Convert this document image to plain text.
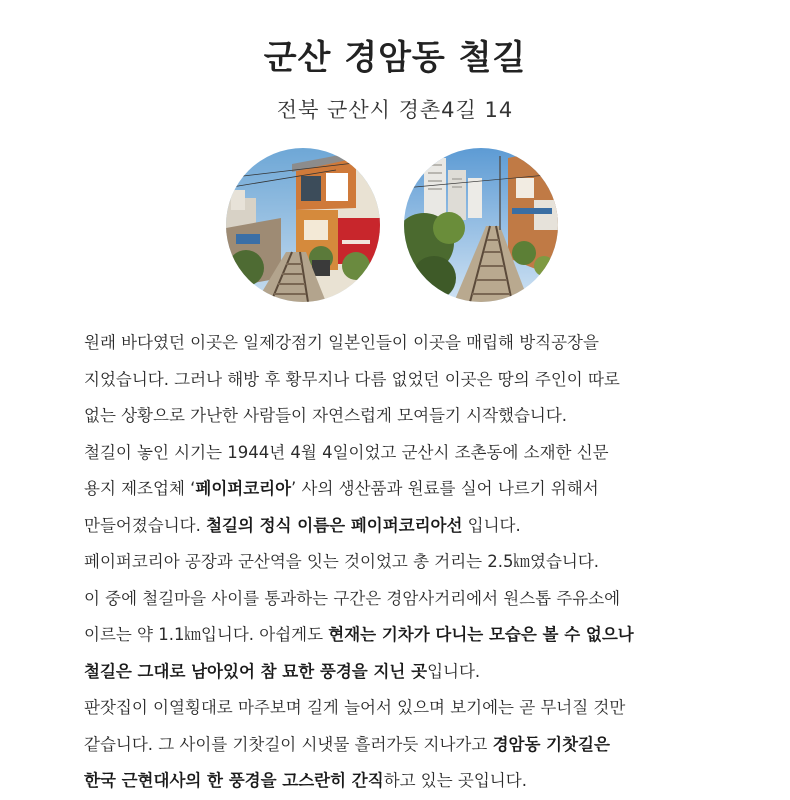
군산 경암동 철길
전북 군산시 경촌4길 14
원래 바다였던 이곳은 일제강점기 일본인들이 이곳을 매립해 방직공장을
지었습니다. 그러나 해방 후 황무지나 다름 없었던 이곳은 땅의 주인이 따로
없는 상황으로 가난한 사람들이 자연스럽게 모여들기 시작했습니다.
철길이 놓인 시기는 1944년 4월 4일이었고 군산시 조촌동에 소재한 신문
용지 제조업체 ‘페이퍼코리아’ 사의 생산품과 원료를 실어 나르기 위해서
만들어졌습니다. 철길의 정식 이름은 페이퍼코리아선 입니다.
페이퍼코리아 공장과 군산역을 잇는 것이었고 총 거리는 2.5㎞였습니다.
이 중에 철길마을 사이를 통과하는 구간은 경암사거리에서 원스톱 주유소에
이르는 약 1.1㎞입니다. 아쉽게도 현재는 기차가 다니는 모습은 볼 수 없으나
철길은 그대로 남아있어 참 묘한 풍경을 지닌 곳입니다.
판잣집이 이열횡대로 마주보며 길게 늘어서 있으며 보기에는 곧 무너질 것만
같습니다. 그 사이를 기찻길이 시냇물 흘러가듯 지나가고 경암동 기찻길은
한국 근현대사의 한 풍경을 고스란히 간직하고 있는 곳입니다.
